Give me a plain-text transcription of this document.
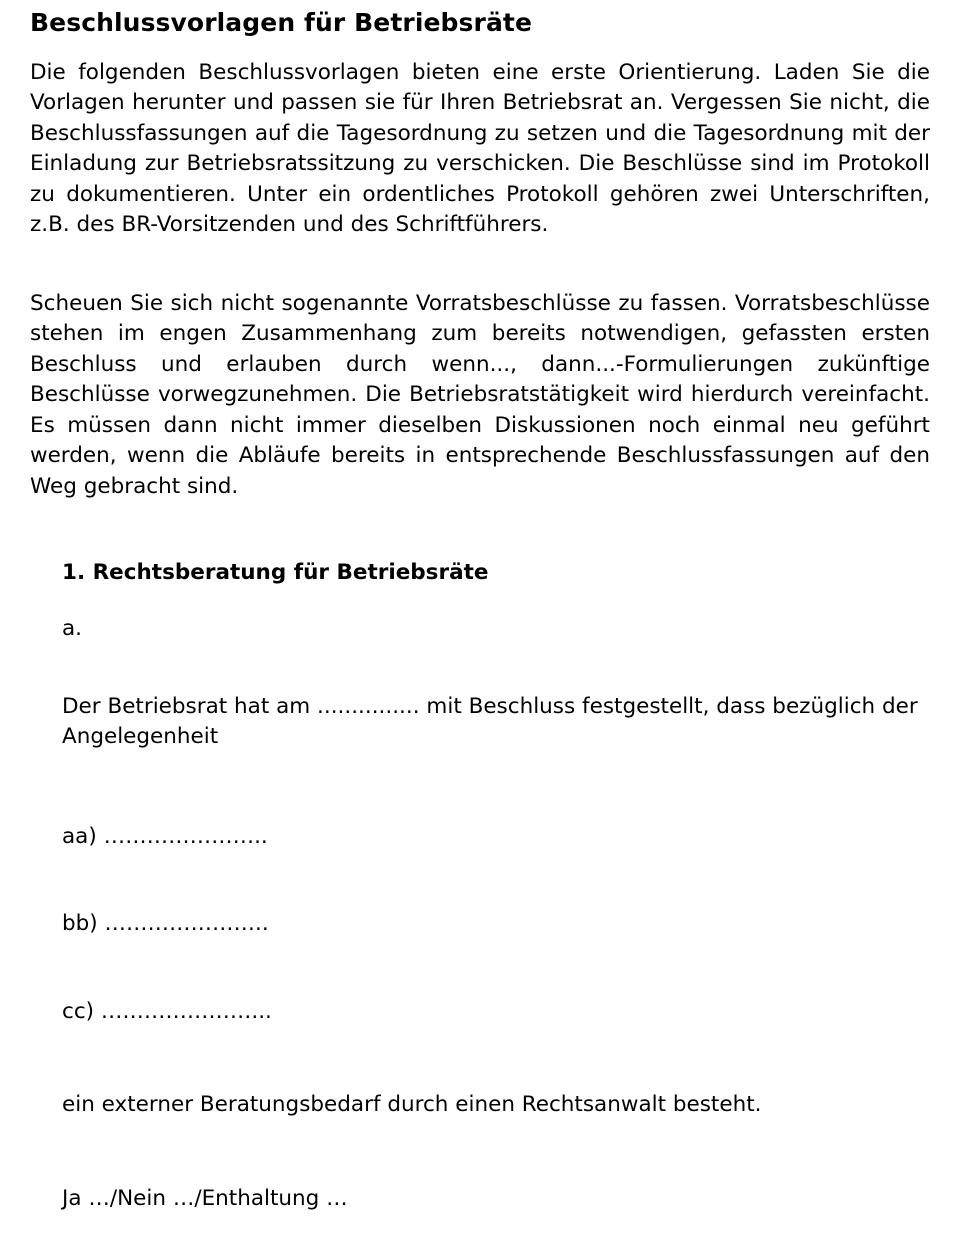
Beschlussvorlagen für Betriebsräte

Die folgenden Beschlussvorlagen bieten eine erste Orientierung. Laden Sie die Vorlagen herunter und passen sie für Ihren Betriebsrat an. Vergessen Sie nicht, die Beschlussfassungen auf die Tagesordnung zu setzen und die Tagesordnung mit der Einladung zur Betriebsratssitzung zu verschicken. Die Beschlüsse sind im Protokoll zu dokumentieren. Unter ein ordentliches Protokoll gehören zwei Unterschriften, z.B. des BR-Vorsitzenden und des Schriftführers.

Scheuen Sie sich nicht sogenannte Vorratsbeschlüsse zu fassen. Vorratsbeschlüsse stehen im engen Zusammenhang zum bereits notwendigen, gefassten ersten Beschluss und erlauben durch wenn..., dann...-Formulierungen zukünftige Beschlüsse vorwegzunehmen. Die Betriebsratstätigkeit wird hierdurch vereinfacht. Es müssen dann nicht immer dieselben Diskussionen noch einmal neu geführt werden, wenn die Abläufe bereits in entsprechende Beschlussfassungen auf den Weg gebracht sind.

1. Rechtsberatung für Betriebsräte
a.

Der Betriebsrat hat am ............... mit Beschluss festgestellt, dass bezüglich der Angelegenheit

aa) …………………..

bb) …………………..

cc) …………………...

ein externer Beratungsbedarf durch einen Rechtsanwalt besteht.

Ja …/Nein …/Enthaltung …
